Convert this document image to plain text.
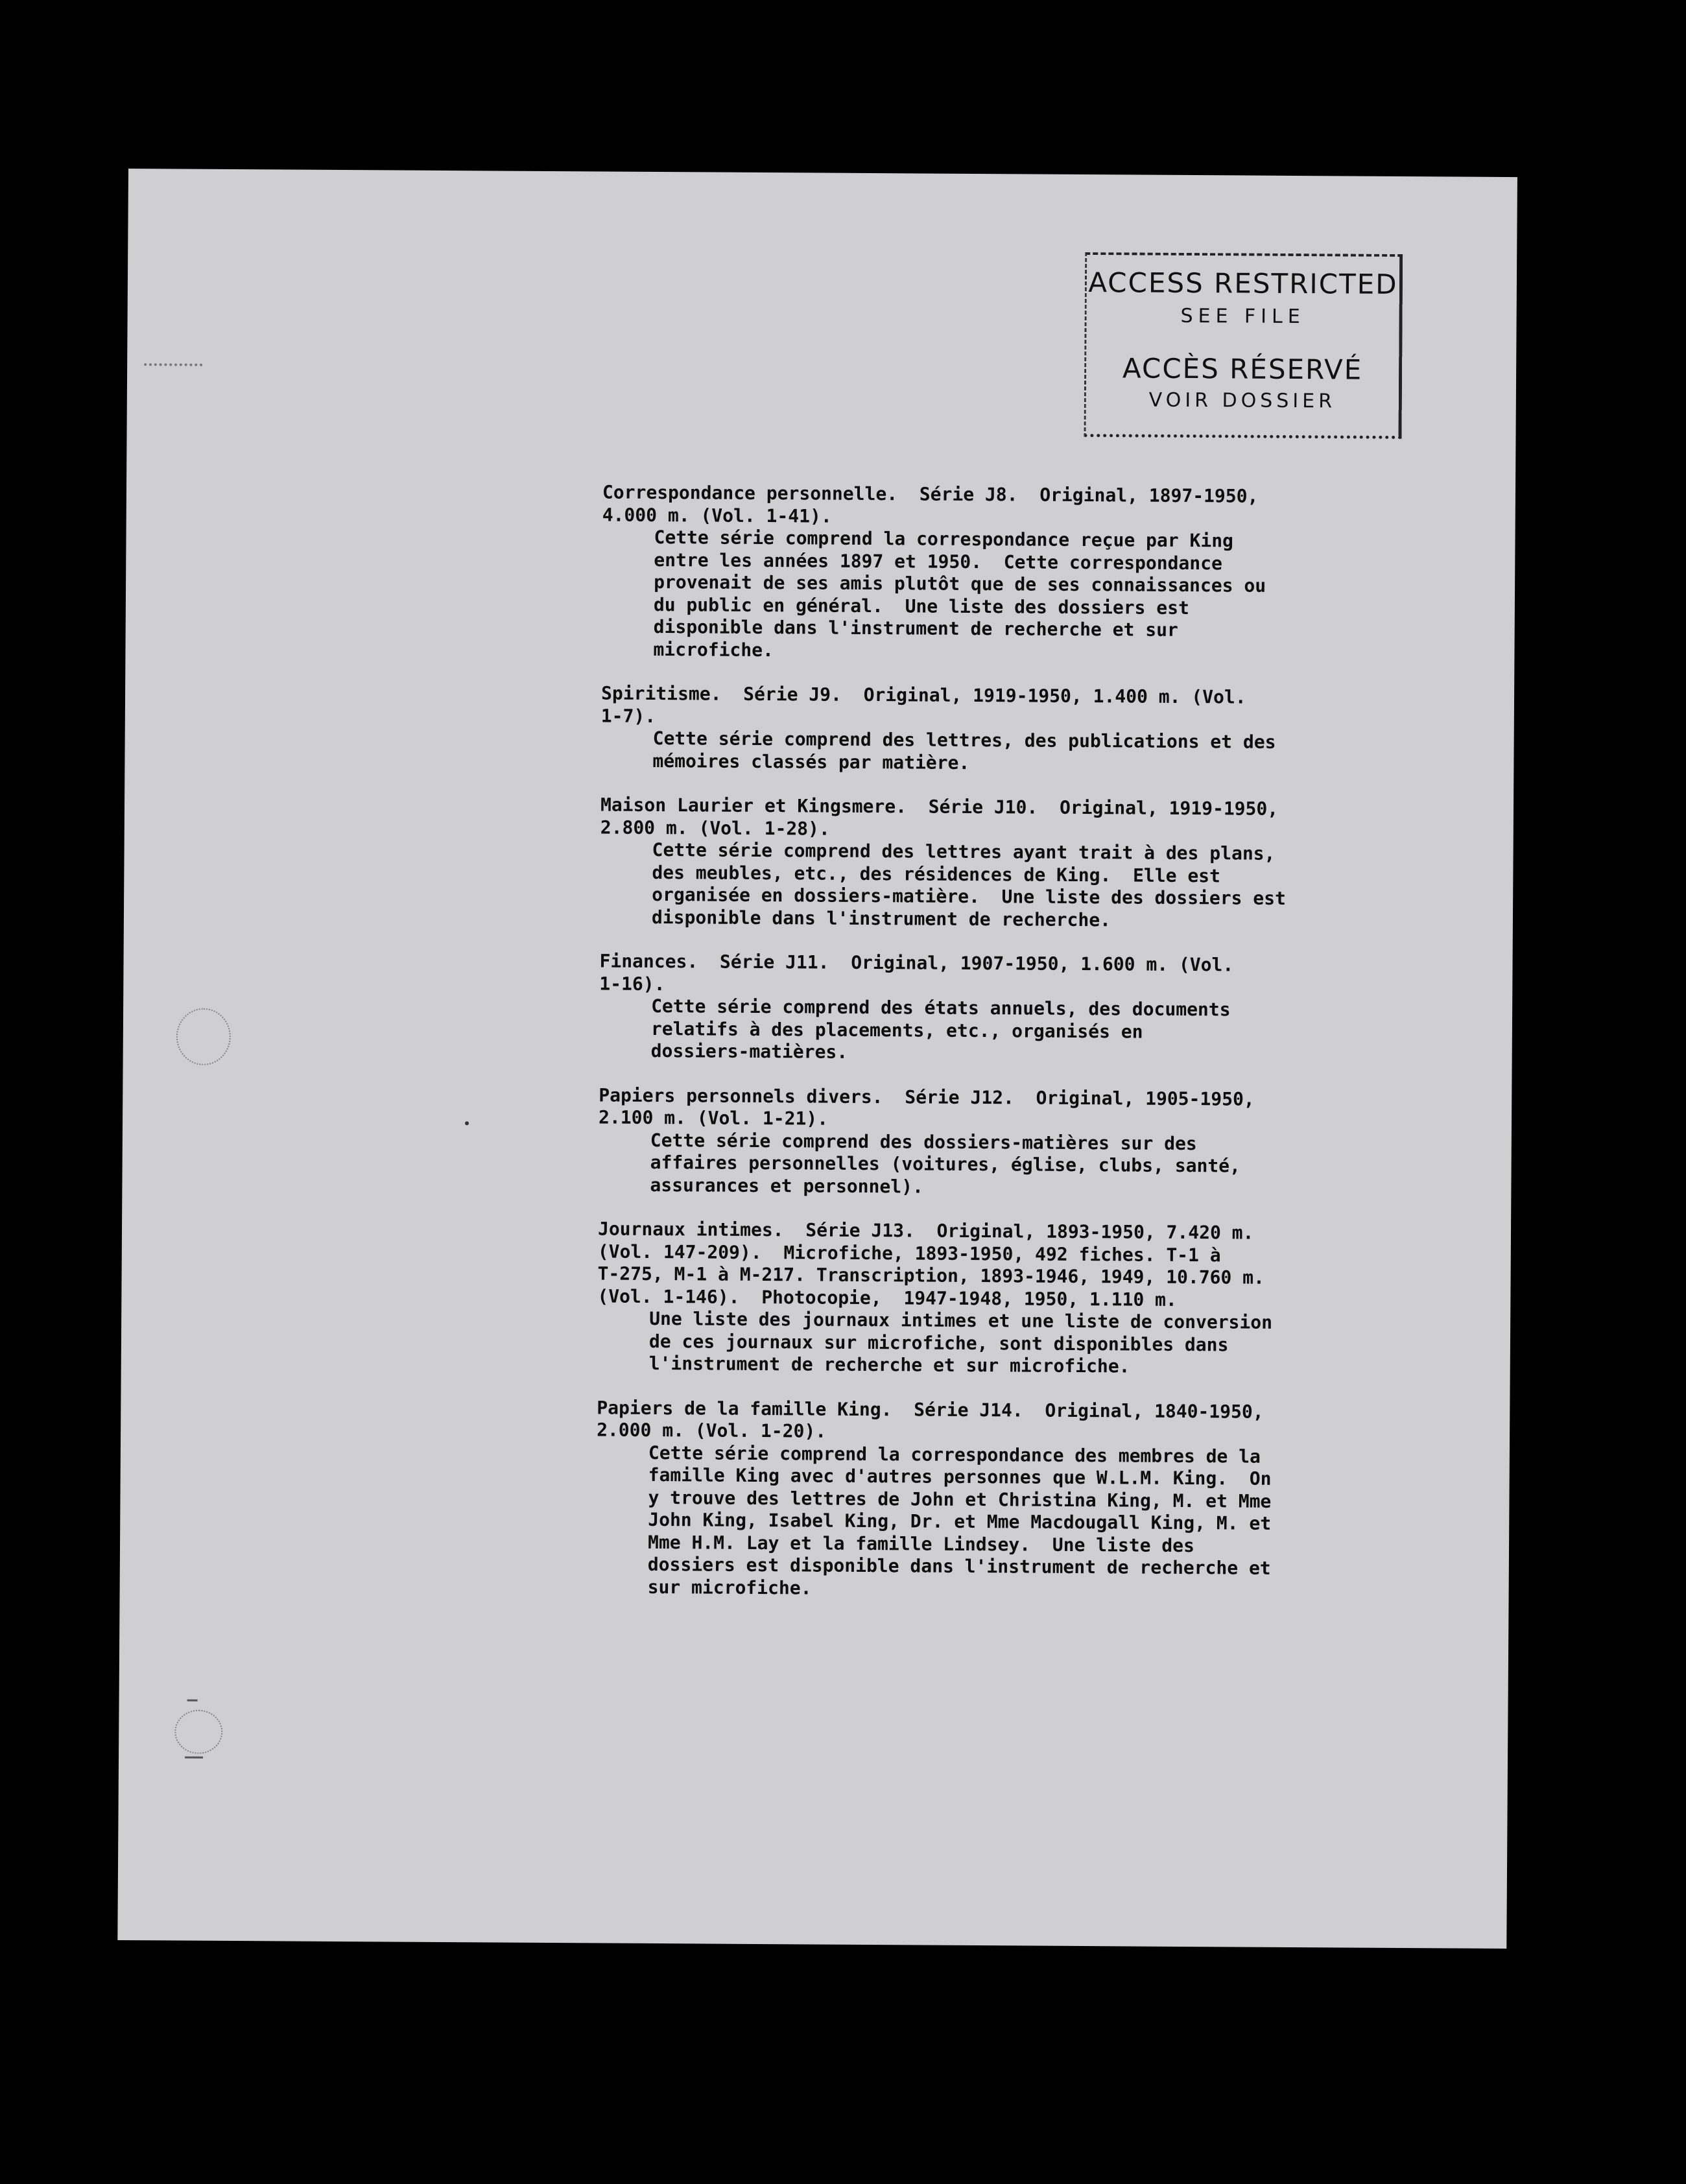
ACCESS RESTRICTED
SEE FILE
ACCÈS RÉSERVÉ
VOIR DOSSIER

Correspondance personnelle.  Série J8.  Original, 1897-1950,

4.000 m. (Vol. 1-41).

Cette série comprend la correspondance reçue par King

entre les années 1897 et 1950.  Cette correspondance

provenait de ses amis plutôt que de ses connaissances ou

du public en général.  Une liste des dossiers est

disponible dans l'instrument de recherche et sur

microfiche.

Spiritisme.  Série J9.  Original, 1919-1950, 1.400 m. (Vol.

1-7).

Cette série comprend des lettres, des publications et des

mémoires classés par matière.

Maison Laurier et Kingsmere.  Série J10.  Original, 1919-1950,

2.800 m. (Vol. 1-28).

Cette série comprend des lettres ayant trait à des plans,

des meubles, etc., des résidences de King.  Elle est

organisée en dossiers-matière.  Une liste des dossiers est

disponible dans l'instrument de recherche.

Finances.  Série J11.  Original, 1907-1950, 1.600 m. (Vol.

1-16).

Cette série comprend des états annuels, des documents

relatifs à des placements, etc., organisés en

dossiers-matières.

Papiers personnels divers.  Série J12.  Original, 1905-1950,

2.100 m. (Vol. 1-21).

Cette série comprend des dossiers-matières sur des

affaires personnelles (voitures, église, clubs, santé,

assurances et personnel).

Journaux intimes.  Série J13.  Original, 1893-1950, 7.420 m.

(Vol. 147-209).  Microfiche, 1893-1950, 492 fiches. T-1 à

T-275, M-1 à M-217. Transcription, 1893-1946, 1949, 10.760 m.

(Vol. 1-146).  Photocopie,  1947-1948, 1950, 1.110 m.

Une liste des journaux intimes et une liste de conversion

de ces journaux sur microfiche, sont disponibles dans

l'instrument de recherche et sur microfiche.

Papiers de la famille King.  Série J14.  Original, 1840-1950,

2.000 m. (Vol. 1-20).

Cette série comprend la correspondance des membres de la

famille King avec d'autres personnes que W.L.M. King.  On

y trouve des lettres de John et Christina King, M. et Mme

John King, Isabel King, Dr. et Mme Macdougall King, M. et

Mme H.M. Lay et la famille Lindsey.  Une liste des

dossiers est disponible dans l'instrument de recherche et

sur microfiche.
